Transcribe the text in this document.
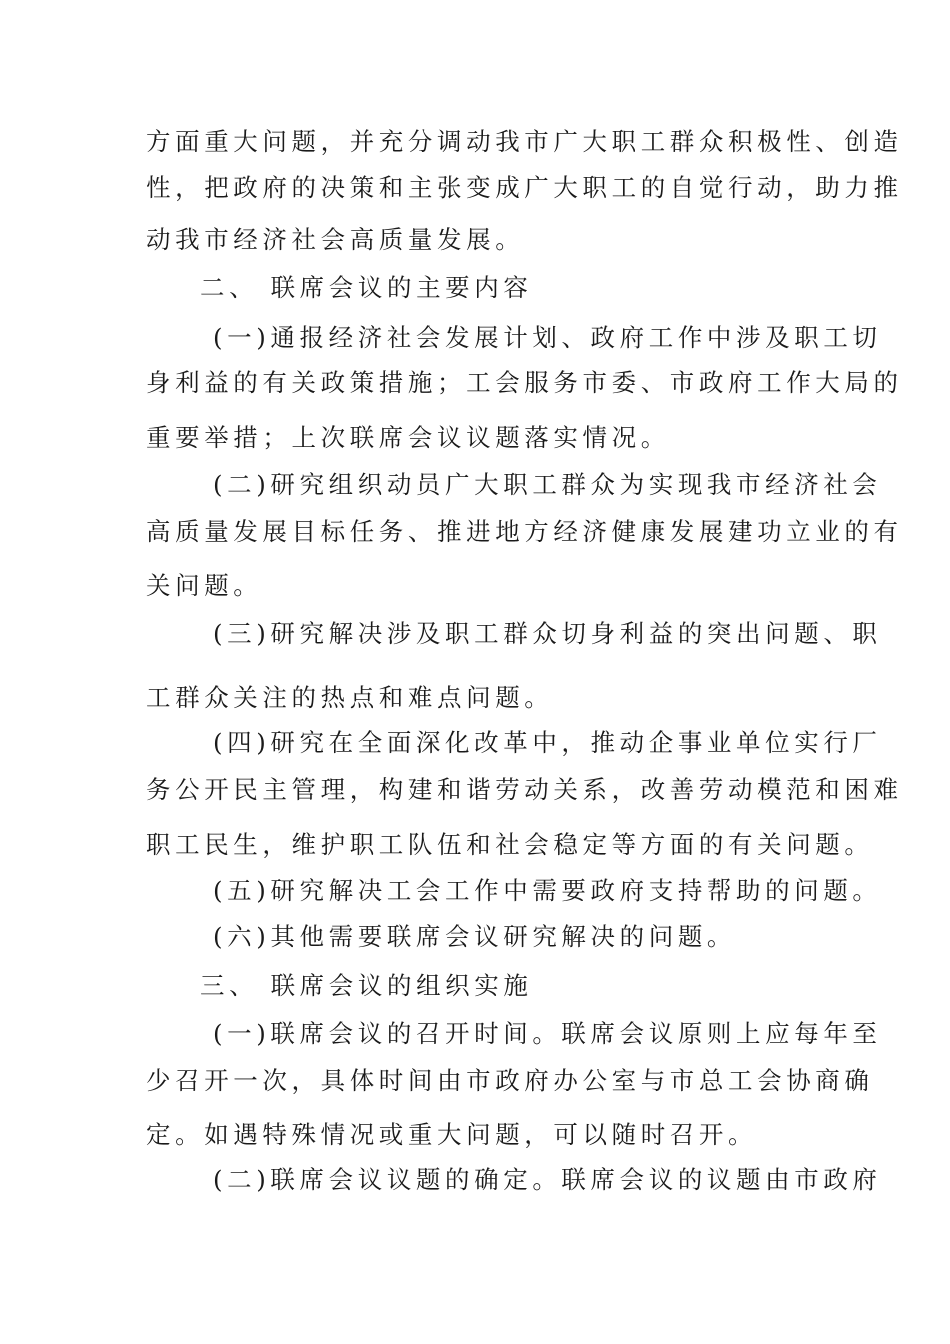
方面重大问题，并充分调动我市广大职工群众积极性、创造
性，把政府的决策和主张变成广大职工的自觉行动，助力推
动我市经济社会高质量发展。
二、 联席会议的主要内容
(一)通报经济社会发展计划、政府工作中涉及职工切
身利益的有关政策措施；工会服务市委、市政府工作大局的
重要举措；上次联席会议议题落实情况。
(二)研究组织动员广大职工群众为实现我市经济社会
高质量发展目标任务、推进地方经济健康发展建功立业的有
关问题。
(三)研究解决涉及职工群众切身利益的突出问题、职
工群众关注的热点和难点问题。
(四)研究在全面深化改革中，推动企事业单位实行厂
务公开民主管理，构建和谐劳动关系，改善劳动模范和困难
职工民生，维护职工队伍和社会稳定等方面的有关问题。
(五)研究解决工会工作中需要政府支持帮助的问题。
(六)其他需要联席会议研究解决的问题。
三、 联席会议的组织实施
(一)联席会议的召开时间。联席会议原则上应每年至
少召开一次，具体时间由市政府办公室与市总工会协商确
定。如遇特殊情况或重大问题，可以随时召开。
(二)联席会议议题的确定。联席会议的议题由市政府
